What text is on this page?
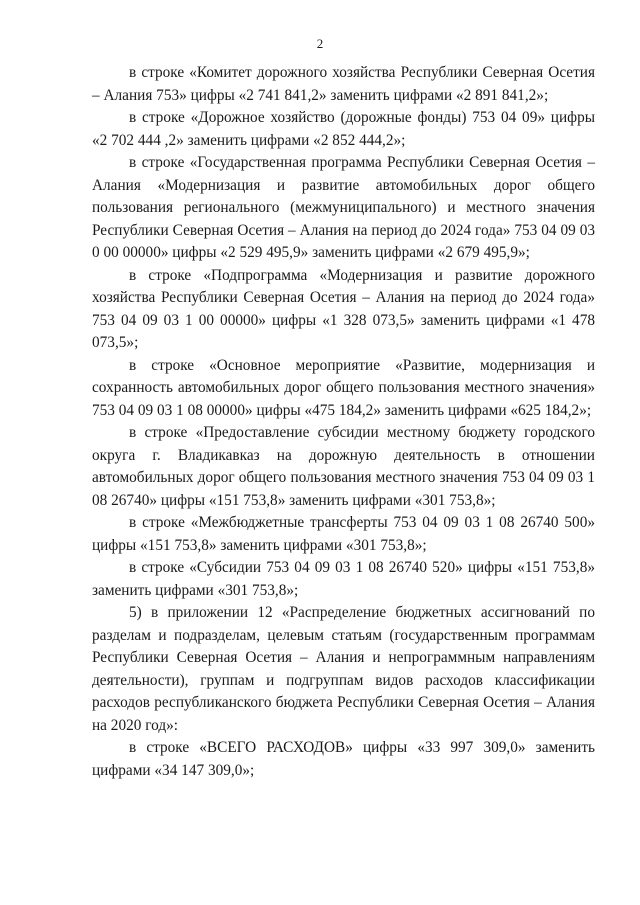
2

в строке «Комитет дорожного хозяйства Республики Северная Осетия – Алания 753» цифры «2 741 841,2» заменить цифрами «2 891 841,2»;

в строке «Дорожное хозяйство (дорожные фонды) 753 04 09» цифры «2 702 444 ,2» заменить цифрами «2 852 444,2»;

в строке «Государственная программа Республики Северная Осетия – Алания «Модернизация и развитие автомобильных дорог общего пользования регионального (межмуниципального) и местного значения Республики Северная Осетия – Алания на период до 2024 года» 753 04 09 03 0 00 00000» цифры «2 529 495,9» заменить цифрами «2 679 495,9»;

в строке «Подпрограмма «Модернизация и развитие дорожного хозяйства Республики Северная Осетия – Алания на период до 2024 года» 753 04 09 03 1 00 00000» цифры «1 328 073,5» заменить цифрами «1 478 073,5»;

в строке «Основное мероприятие «Развитие, модернизация и сохранность автомобильных дорог общего пользования местного значения» 753 04 09 03 1 08 00000» цифры «475 184,2» заменить цифрами «625 184,2»;

в строке «Предоставление субсидии местному бюджету городского округа г. Владикавказ на дорожную деятельность в отношении автомобильных дорог общего пользования местного значения 753 04 09 03 1 08 26740» цифры «151 753,8» заменить цифрами «301 753,8»;

в строке «Межбюджетные трансферты 753 04 09 03 1 08 26740 500» цифры «151 753,8» заменить цифрами «301 753,8»;

в строке «Субсидии 753 04 09 03 1 08 26740 520» цифры «151 753,8» заменить цифрами «301 753,8»;

5) в приложении 12 «Распределение бюджетных ассигнований по разделам и подразделам, целевым статьям (государственным программам Республики Северная Осетия – Алания и непрограммным направлениям деятельности), группам и подгруппам видов расходов классификации расходов республиканского бюджета Республики Северная Осетия – Алания на 2020 год»:

в строке «ВСЕГО РАСХОДОВ» цифры «33 997 309,0» заменить цифрами «34 147 309,0»;
